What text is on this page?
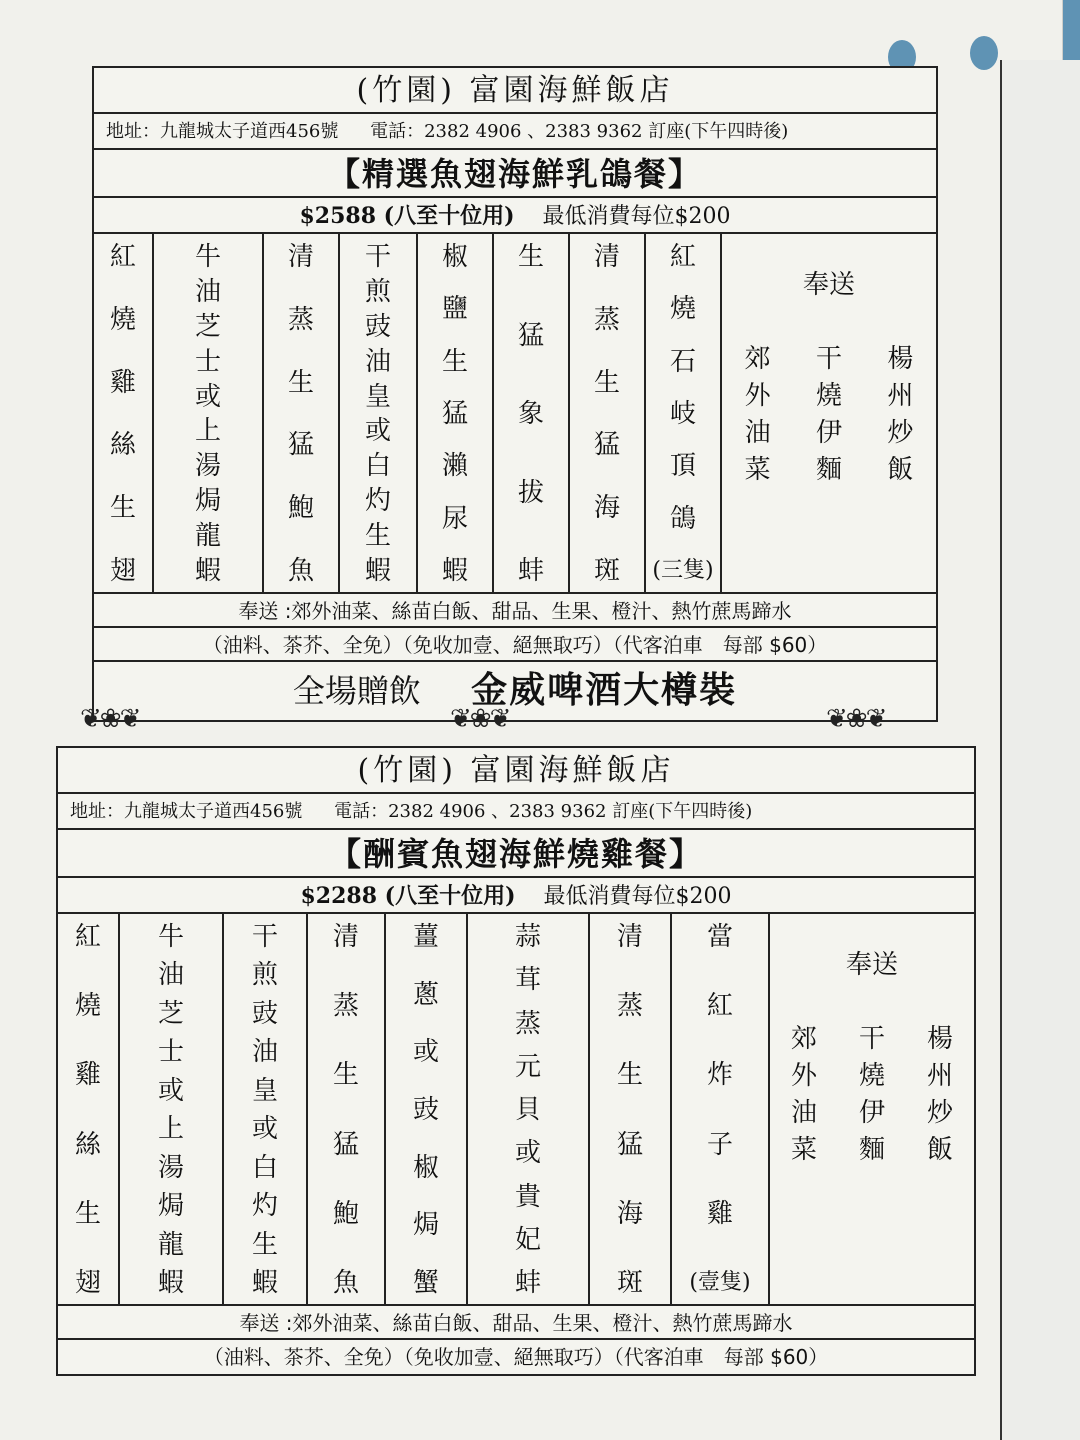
(竹園) 富園海鮮飯店
地址：九龍城太子道西456號 電話：2382 4906 、2383 9362 訂座(下午四時後)
【精選魚翅海鮮乳鴿餐】
$2588 (八至十位用) 最低消費每位$200
紅
燒
雞
絲
生
翅
牛
油
芝
士
或
上
湯
焗
龍
蝦
清
蒸
生
猛
鮑
魚
干
煎
豉
油
皇
或
白
灼
生
蝦
椒
鹽
生
猛
瀨
尿
蝦
生
猛
象
拔
蚌
清
蒸
生
猛
海
斑
紅
燒
石
岐
頂
鴿
(三隻)
奉送
郊
外
油
菜
干
燒
伊
麵
楊
州
炒
飯
奉送 :郊外油菜、絲苗白飯、甜品、生果、橙汁、熱竹蔗馬蹄水
（油料、茶芥、全免）（免收加壹、絕無取巧）（代客泊車　每部 $60）
全場贈飲 金威啤酒大樽裝
❦❀❦	❦❀❦	❦❀❦
(竹園) 富園海鮮飯店
地址：九龍城太子道西456號 電話：2382 4906 、2383 9362 訂座(下午四時後)
【酬賓魚翅海鮮燒雞餐】
$2288 (八至十位用) 最低消費每位$200
紅
燒
雞
絲
生
翅
牛
油
芝
士
或
上
湯
焗
龍
蝦
干
煎
豉
油
皇
或
白
灼
生
蝦
清
蒸
生
猛
鮑
魚
薑
蔥
或
豉
椒
焗
蟹
蒜
茸
蒸
元
貝
或
貴
妃
蚌
清
蒸
生
猛
海
斑
當
紅
炸
子
雞
(壹隻)
奉送
郊
外
油
菜
干
燒
伊
麵
楊
州
炒
飯
奉送 :郊外油菜、絲苗白飯、甜品、生果、橙汁、熱竹蔗馬蹄水
（油料、茶芥、全免）（免收加壹、絕無取巧）（代客泊車　每部 $60）
